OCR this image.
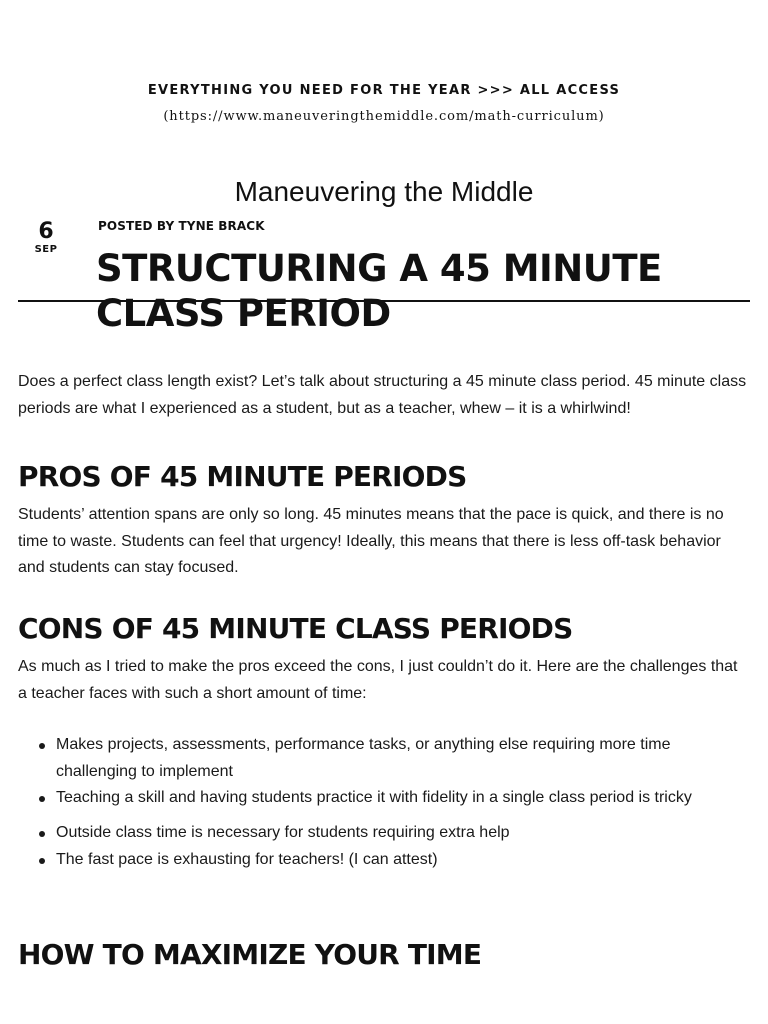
EVERYTHING YOU NEED FOR THE YEAR >>> ALL ACCESS
(https://www.maneuveringthemiddle.com/math-curriculum)
Maneuvering the Middle
6
SEP
POSTED BY TYNE BRACK
STRUCTURING A 45 MINUTE CLASS PERIOD

Does a perfect class length exist? Let’s talk about structuring a 45 minute class period. 45 minute class periods are what I experienced as a student, but as a teacher, whew – it is a whirlwind!

PROS OF 45 MINUTE PERIODS

Students’ attention spans are only so long. 45 minutes means that the pace is quick, and there is no time to waste. Students can feel that urgency! Ideally, this means that there is less off-task behavior and students can stay focused.

CONS OF 45 MINUTE CLASS PERIODS

As much as I tried to make the pros exceed the cons, I just couldn’t do it. Here are the challenges that a teacher faces with such a short amount of time:

Makes projects, assessments, performance tasks, or anything else requiring more time challenging to implement
Teaching a skill and having students practice it with fidelity in a single class period is tricky
Outside class time is necessary for students requiring extra help
The fast pace is exhausting for teachers! (I can attest)
HOW TO MAXIMIZE YOUR TIME
